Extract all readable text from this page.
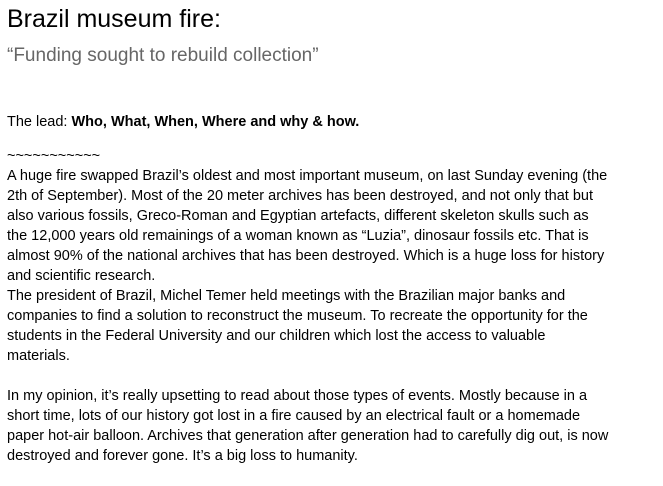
Brazil museum fire:

“Funding sought to rebuild collection”

The lead: Who, What, When, Where and why & how.

~~~~~~~~~~~

A huge fire swapped Brazil’s oldest and most important museum, on last Sunday evening (the 2th of September). Most of the 20 meter archives has been destroyed, and not only that but also various fossils, Greco-Roman and Egyptian artefacts, different skeleton skulls such as the 12,000 years old remainings of a woman known as “Luzia”, dinosaur fossils etc. That is almost 90% of the national archives that has been destroyed. Which is a huge loss for history and scientific research.

The president of Brazil, Michel Temer held meetings with the Brazilian major banks and companies to find a solution to reconstruct the museum. To recreate the opportunity for the students in the Federal University and our children which lost the access to valuable materials.

In my opinion, it’s really upsetting to read about those types of events. Mostly because in a short time, lots of our history got lost in a fire caused by an electrical fault or a homemade paper hot-air balloon. Archives that generation after generation had to carefully dig out, is now destroyed and forever gone. It’s a big loss to humanity.
